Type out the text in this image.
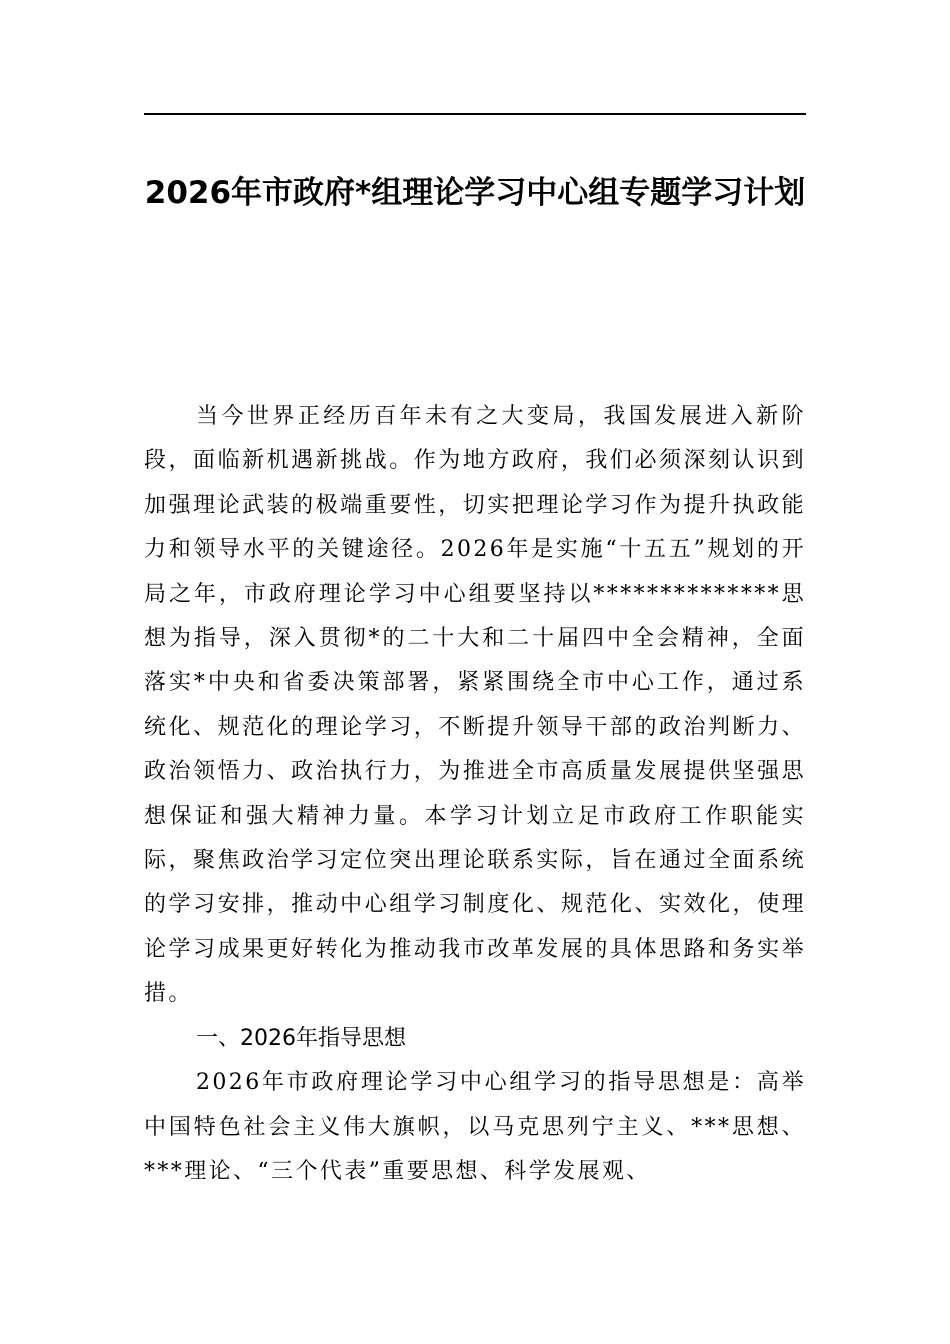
2026年市政府*组理论学习中心组专题学习计划

当今世界正经历百年未有之大变局，我国发展进入新阶段，面临新机遇新挑战。作为地方政府，我们必须深刻认识到加强理论武装的极端重要性，切实把理论学习作为提升执政能力和领导水平的关键途径。2026年是实施“十五五”规划的开局之年，市政府理论学习中心组要坚持以**************思想为指导，深入贯彻*的二十大和二十届四中全会精神，全面落实*中央和省委决策部署，紧紧围绕全市中心工作，通过系统化、规范化的理论学习，不断提升领导干部的政治判断力、政治领悟力、政治执行力，为推进全市高质量发展提供坚强思想保证和强大精神力量。本学习计划立足市政府工作职能实际，聚焦政治学习定位突出理论联系实际，旨在通过全面系统的学习安排，推动中心组学习制度化、规范化、实效化，使理论学习成果更好转化为推动我市改革发展的具体思路和务实举措。

一、2026年指导思想

2026年市政府理论学习中心组学习的指导思想是：高举中国特色社会主义伟大旗帜，以马克思列宁主义、***思想、***理论、“三个代表”重要思想、科学发展观、
